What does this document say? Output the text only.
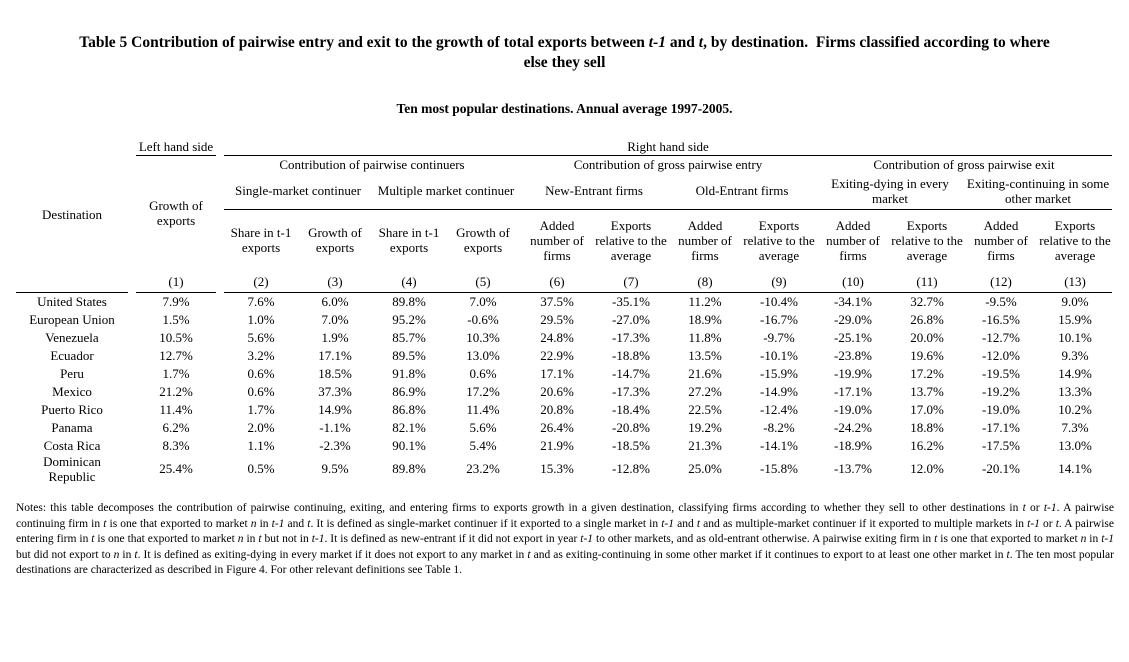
Table 5 Contribution of pairwise entry and exit to the growth of total exports between t-1 and t, by destination.  Firms classified according to where else they sell
Ten most popular destinations. Annual average 1997-2005.
Destination		Left hand side		Right hand side											
		Growth of exports		Contribution of pairwise continuers				Contribution of gross pairwise entry				Contribution of gross pairwise exit			
				Single-market continuer		Multiple market continuer		New-Entrant firms		Old-Entrant firms		Exiting-dying in every market		Exiting-continuing in some other market	
				Share in t-1 exports	Growth of exports	Share in t-1 exports	Growth of exports	Added number of firms	Exports relative to the average	Added number of firms	Exports relative to the average	Added number of firms	Exports relative to the average	Added number of firms	Exports relative to the average
		(1)		(2)	(3)	(4)	(5)	(6)	(7)	(8)	(9)	(10)	(11)	(12)	(13)
United States		7.9%		7.6%	6.0%	89.8%	7.0%	37.5%	-35.1%	11.2%	-10.4%	-34.1%	32.7%	-9.5%	9.0%
European Union		1.5%		1.0%	7.0%	95.2%	-0.6%	29.5%	-27.0%	18.9%	-16.7%	-29.0%	26.8%	-16.5%	15.9%
Venezuela		10.5%		5.6%	1.9%	85.7%	10.3%	24.8%	-17.3%	11.8%	-9.7%	-25.1%	20.0%	-12.7%	10.1%
Ecuador		12.7%		3.2%	17.1%	89.5%	13.0%	22.9%	-18.8%	13.5%	-10.1%	-23.8%	19.6%	-12.0%	9.3%
Peru		1.7%		0.6%	18.5%	91.8%	0.6%	17.1%	-14.7%	21.6%	-15.9%	-19.9%	17.2%	-19.5%	14.9%
Mexico		21.2%		0.6%	37.3%	86.9%	17.2%	20.6%	-17.3%	27.2%	-14.9%	-17.1%	13.7%	-19.2%	13.3%
Puerto Rico		11.4%		1.7%	14.9%	86.8%	11.4%	20.8%	-18.4%	22.5%	-12.4%	-19.0%	17.0%	-19.0%	10.2%
Panama		6.2%		2.0%	-1.1%	82.1%	5.6%	26.4%	-20.8%	19.2%	-8.2%	-24.2%	18.8%	-17.1%	7.3%
Costa Rica		8.3%		1.1%	-2.3%	90.1%	5.4%	21.9%	-18.5%	21.3%	-14.1%	-18.9%	16.2%	-17.5%	13.0%
Dominican Republic		25.4%		0.5%	9.5%	89.8%	23.2%	15.3%	-12.8%	25.0%	-15.8%	-13.7%	12.0%	-20.1%	14.1%
Notes: this table decomposes the contribution of pairwise continuing, exiting, and entering firms to exports growth in a given destination, classifying firms according to whether they sell to other destinations in t or t-1. A pairwise continuing firm in t is one that exported to market n in t-1 and t. It is defined as single-market continuer if it exported to a single market in t-1 and t and as multiple-market continuer if it exported to multiple markets in t-1 or t. A pairwise entering firm in t is one that exported to market n in t but not in t-1. It is defined as new-entrant if it did not export in year t-1 to other markets, and as old-entrant otherwise. A pairwise exiting firm in t is one that exported to market n in t-1 but did not export to n in t. It is defined as exiting-dying in every market if it does not export to any market in t and as exiting-continuing in some other market if it continues to export to at least one other market in t. The ten most popular destinations are characterized as described in Figure 4. For other relevant definitions see Table 1.
